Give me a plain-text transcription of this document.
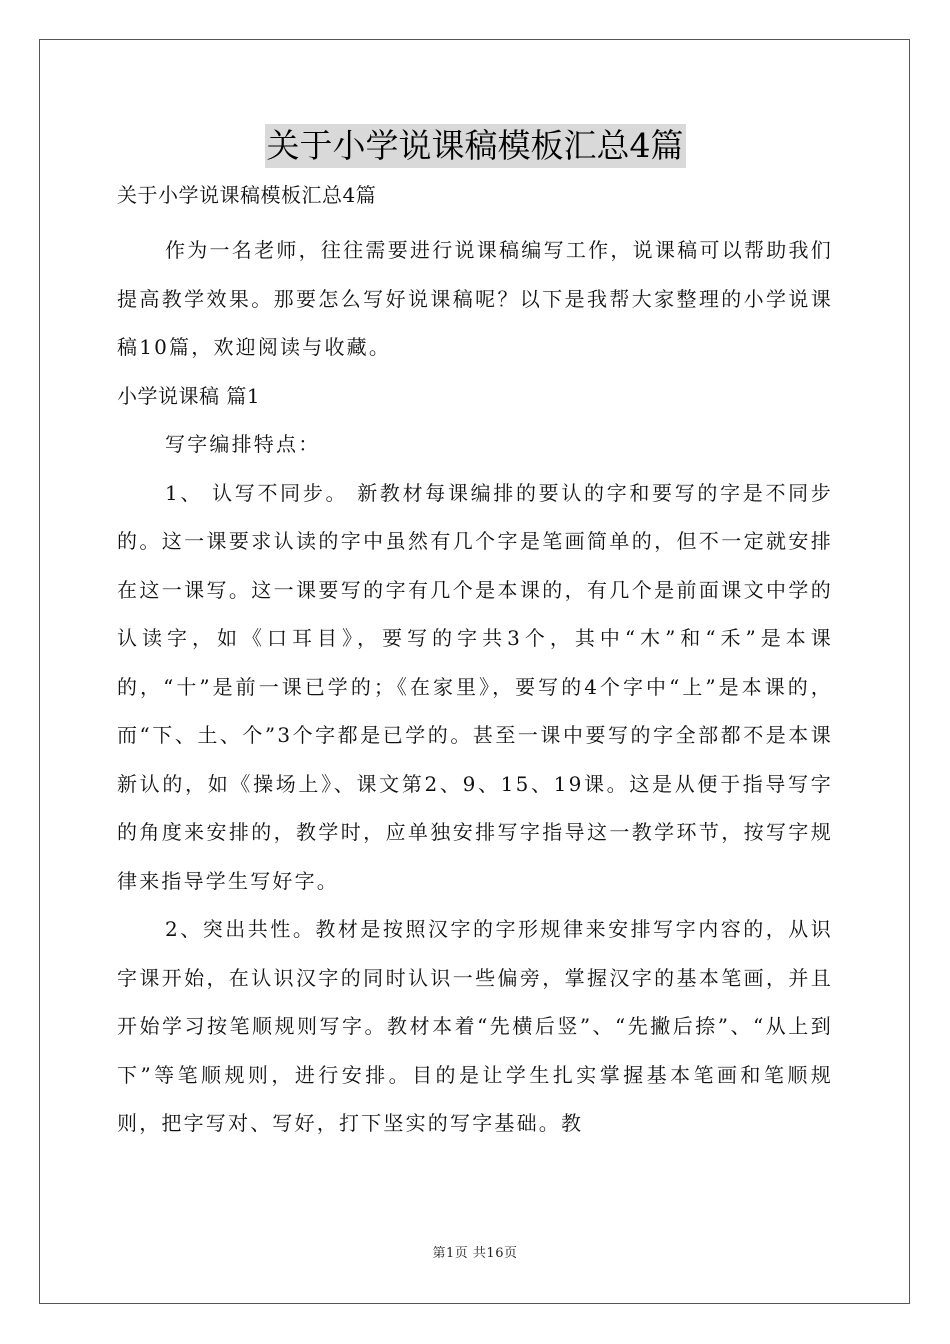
关于小学说课稿模板汇总4篇

关于小学说课稿模板汇总4篇

作为一名老师，往往需要进行说课稿编写工作，说课稿可以帮助我们提高教学效果。那要怎么写好说课稿呢？以下是我帮大家整理的小学说课稿10篇，欢迎阅读与收藏。

小学说课稿 篇1

写字编排特点：

1、 认写不同步。 新教材每课编排的要认的字和要写的字是不同步的。这一课要求认读的字中虽然有几个字是笔画简单的，但不一定就安排在这一课写。这一课要写的字有几个是本课的，有几个是前面课文中学的认读字，如《口耳目》，要写的字共3个，其中“木”和“禾”是本课的，“十”是前一课已学的；《在家里》，要写的4个字中“上”是本课的，而“下、土、个”3个字都是已学的。甚至一课中要写的字全部都不是本课新认的，如《操场上》、课文第2、9、15、19课。这是从便于指导写字的角度来安排的，教学时，应单独安排写字指导这一教学环节，按写字规律来指导学生写好字。

2、突出共性。教材是按照汉字的字形规律来安排写字内容的，从识字课开始，在认识汉字的同时认识一些偏旁，掌握汉字的基本笔画，并且开始学习按笔顺规则写字。教材本着“先横后竖”、“先撇后捺”、“从上到下”等笔顺规则，进行安排。目的是让学生扎实掌握基本笔画和笔顺规则，把字写对、写好，打下坚实的写字基础。教

第1页 共16页
